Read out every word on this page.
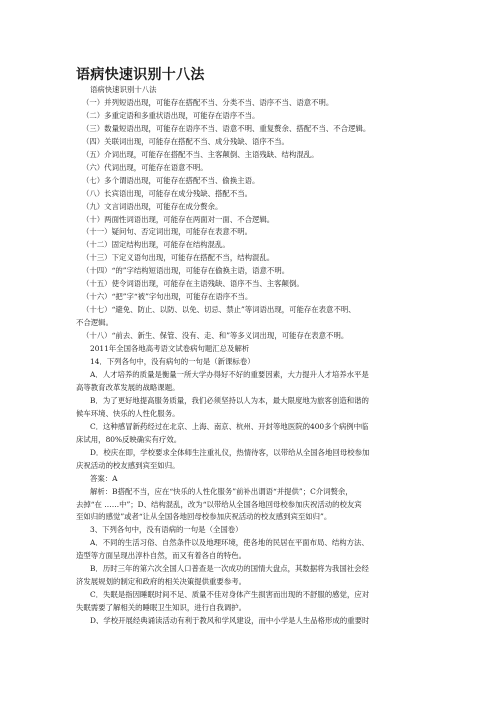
语病快速识别十八法
语病快速识别十八法
（一）并列短语出现，可能存在搭配不当、分类不当、语序不当、语意不明。
（二）多重定语和多重状语出现，可能存在语序不当。
（三）数量短语出现，可能存在语序不当、语意不明、重复赘余、搭配不当、不合逻辑。
（四）关联词出现，可能存在搭配不当、成分残缺、语序不当。
（五）介词出现，可能存在搭配不当、主客颠倒、主语残缺、结构混乱。
（六）代词出现，可能存在语意不明。
（七）多个谓语出现，可能存在搭配不当、偷换主语。
（八）长宾语出现，可能存在成分残缺、搭配不当。
（九）文言词语出现，可能存在成分赘余。
（十）两面性词语出现，可能存在两面对一面、不合逻辑。
（十一）疑问句、否定词出现，可能存在表意不明。
（十二）固定结构出现，可能存在结构混乱。
（十三）下定义语句出现，可能存在搭配不当，结构混乱。
（十四）“的”字结构短语出现，可能存在偷换主语，语意不明。
（十五）使令词语出现，可能存在主语残缺、语序不当、主客颠倒。
（十六）“把”字“被”字句出现，可能存在语序不当。
（十七）“避免、防止、以防、以免、切忌、禁止”等词语出现，可能存在表意不明、
不合逻辑。
（十八）“前去、新生、保管、没有、走、和”等多义词出现，可能存在表意不明。
2011年全国各地高考语文试卷病句题汇总及解析
14．下列各句中，没有病句的一句是（新课标卷）
A．人才培养的质量是衡量一所大学办得好不好的重要因素，大力提升人才培养水平是
高等教育改革发展的战略课题。
B．为了更好地提高服务质量，我们必须坚持以人为本，最大限度地为旅客创造和谐的
候车环境、快乐的人性化服务。
C．这种感冒新药经过在北京、上海、南京、杭州、开封等地医院的400多个病例中临
床试用，80%反映确实有疗效。
D．校庆在即，学校要求全体师生注重礼仪，热情待客，以带给从全国各地回母校参加
庆祝活动的校友感到宾至如归。
答案：A
解析：B搭配不当，应在“快乐的人性化服务”前补出谓语“并提供”；C介词赘余，
去掉“在 ……中”；D、结构混乱，改为“以带给从全国各地回母校参加庆祝活动的校友宾
至如归的感觉”或者“让从全国各地回母校参加庆祝活动的校友感到宾至如归”。
3、下列各句中，没有语病的一句是（全国卷）
A．不同的生活习俗、自然条件以及地理环境，使各地的民居在平面布局、结构方法、
造型等方面呈现出淳朴自然，而又有着各自的特色。
B．历时三年的第六次全国人口普查是一次成功的国情大盘点，其数据将为我国社会经
济发展规划的制定和政府的相关决策提供重要参考。
C．失眠是指因睡眠时间不足、质量不佳对身体产生损害而出现的不舒服的感觉，应对
失眠需要了解相关的睡眠卫生知识，进行自我调护。
D、学校开展经典诵读活动有利于教风和学风建设，而中小学是人生品格形成的重要时
